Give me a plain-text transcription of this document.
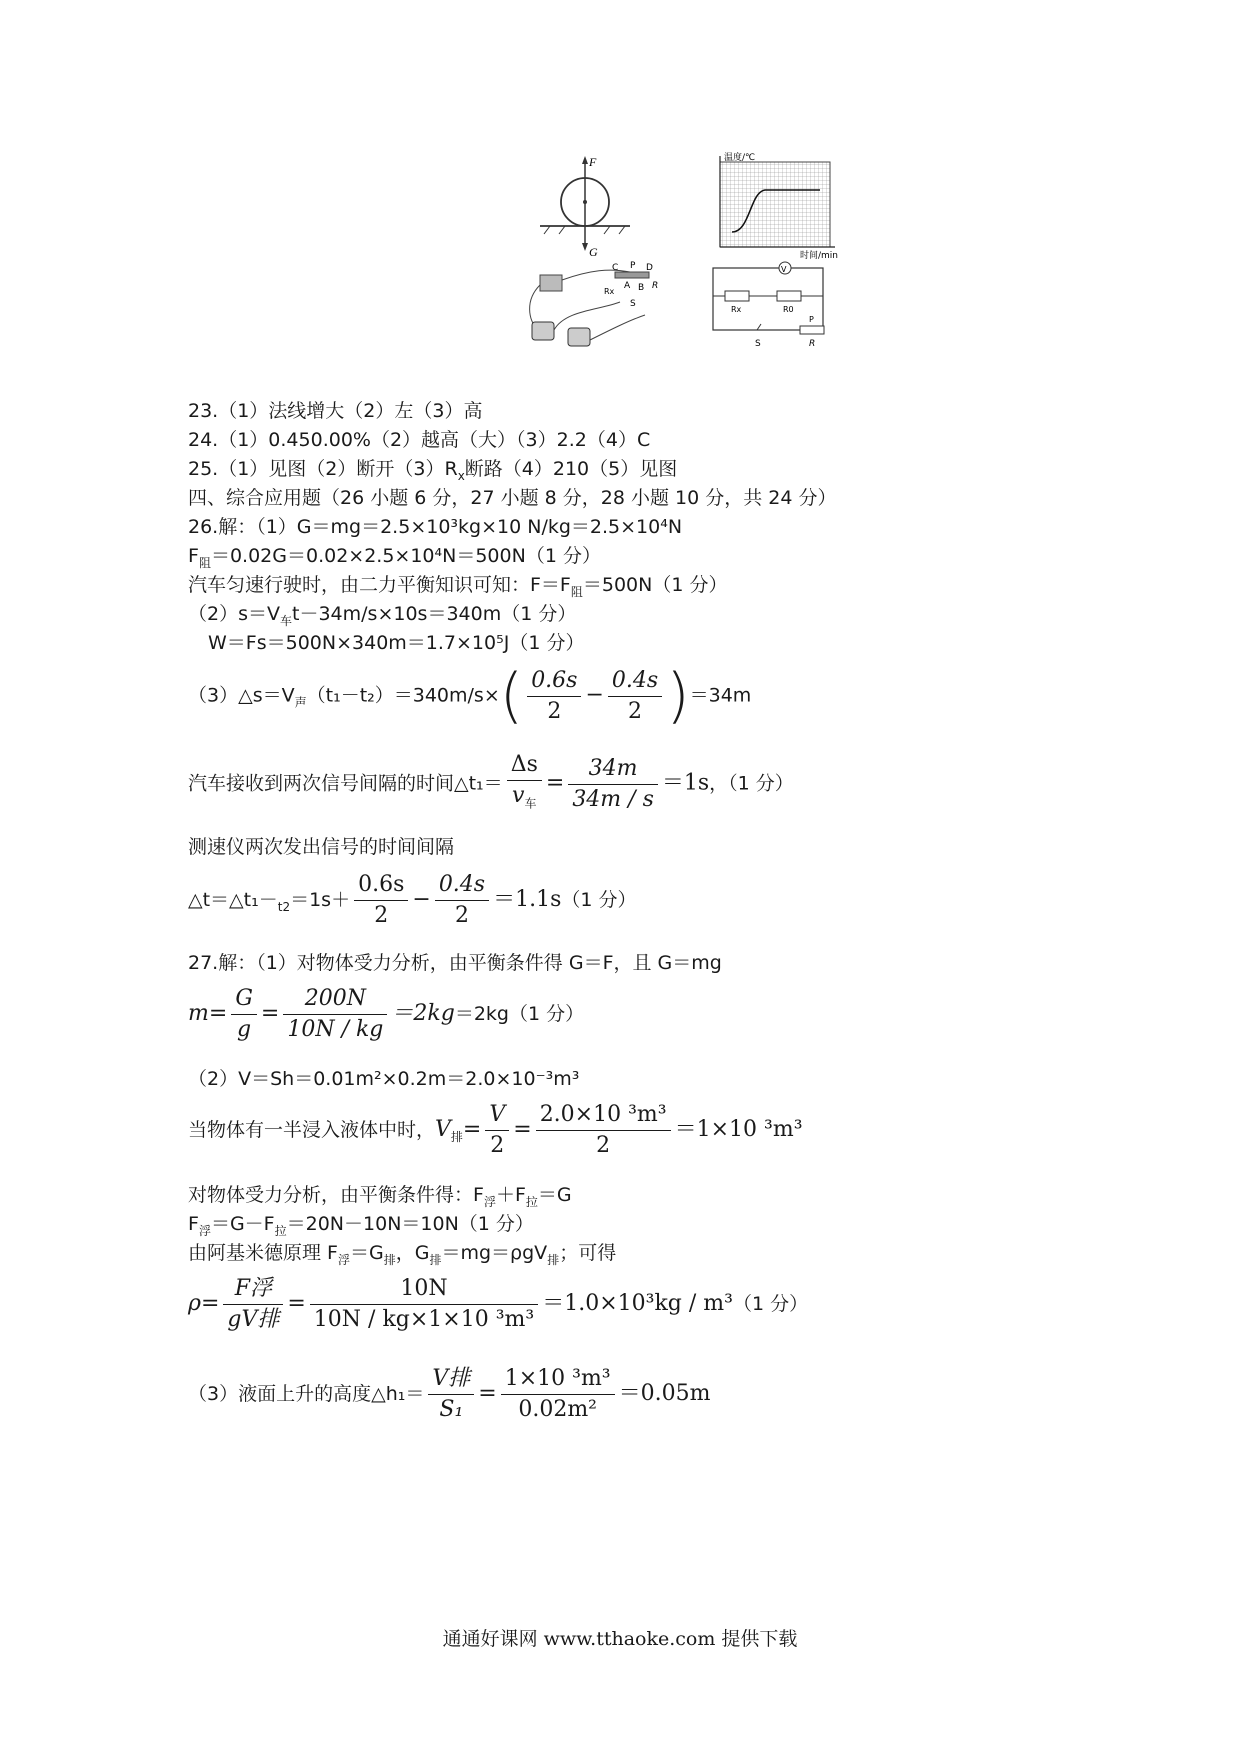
F
G
温度/℃
时间/min
C P D
A B R
Rx
S
V
Rx	R0
P
S	R
23.（1）法线增大（2）左（3）高
24.（1）0.450.00%（2）越高（大）（3）2.2（4）C
25.（1）见图（2）断开$(3)R_x$断路（4）210（5）见图
四、综合应用题（26 小题 6 分，27 小题 8 分，28 小题 10 分，共 24 分）
26.解：（1）G＝mg＝2.5×10³kg×10 N/kg＝2.5×10⁴N
$F_阻=0.02G=0.02\times 2.5\times 10^4N=500N(1$ 分）
汽车匀速行驶时，由二力平衡知识可知：$F=F_阻=500N(1$ 分）
$(2)s=V_车t-34m/s\times 10s=340m(1$ 分）
W＝Fs＝500N×340m＝1.7×10⁵J（1 分）
$(3)\triangle s=V_声(t_1-t_2)=340m/s\times( \frac{0.6s}{2} - \frac{0.4s}{2} )=34m$
汽车接收到两次信号间隔的时间△t₁＝ $\frac{\Delta s}{v_车} = \frac{34m}{34m / s} =1s$，（1 分）
测速仪两次发出信号的时间间隔
$\triangle t=\triangle t_1-_{t2}=1s+ \frac{0.6s}{2} - \frac{0.4s}{2} =1.1s(1$ 分）
27.解：（1）对物体受力分析，由平衡条件得 G＝F，且 G＝mg
$m= \frac{G}{g} = \frac{200N}{10N / kg} =2kg=2kg(1$ 分）
（2）V＝Sh＝0.01m²×0.2m＝2.0×10⁻³m³
当物体有一半浸入液体中时，$V_排= \frac{V}{2} = \frac{\text{2.0×10 ³m³}}{2} =1\times 10$ ³m³
对物体受力分析，由平衡条件得：$F_浮+F_拉=G$
$F_浮=G-F_拉=20N-10N=10N(1$ 分）
由阿基米德原理 $F_浮=G_排$，$G_排=mg=\rho gV_排$；可得
$\rho= \frac{\text{F浮}}{\text{gV排}} = \frac{10N}{\text{10N / kg×1×10 ³m³}} =1.0\times 10^3kg / m^3(1$ 分）
（3）液面上升的高度△h₁＝ $\frac{\text{V排}}{\text{S₁}} = \frac{\text{1×10 ³m³}}{\text{0.02m²}} =0.05m$
通通好课网 www.tthaoke.com 提供下载
